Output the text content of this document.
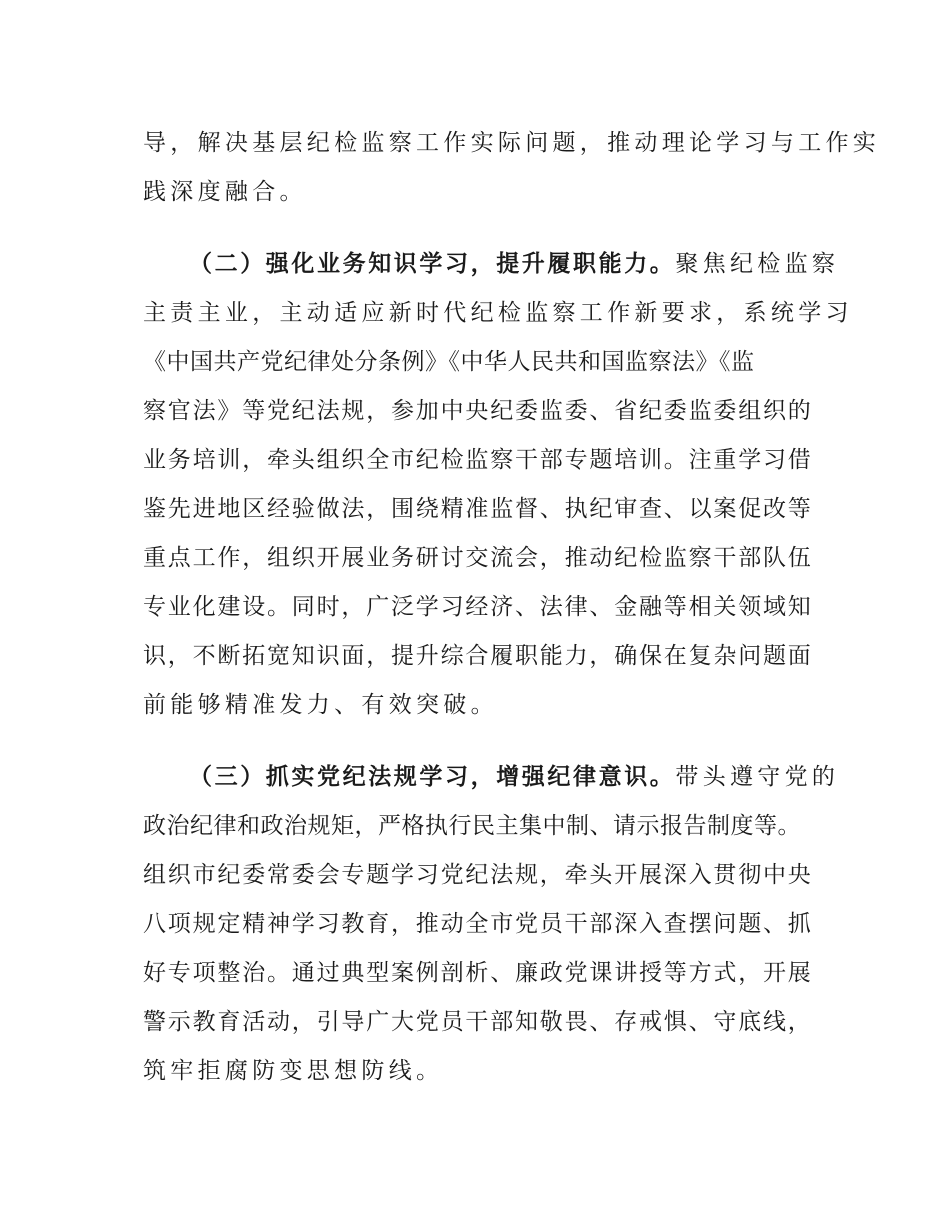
导，解决基层纪检监察工作实际问题，推动理论学习与工作实
践深度融合。
（二）强化业务知识学习，提升履职能力。聚焦纪检监察
主责主业，主动适应新时代纪检监察工作新要求，系统学习
《中国共产党纪律处分条例》《中华人民共和国监察法》《监
察官法》等党纪法规，参加中央纪委监委、省纪委监委组织的
业务培训，牵头组织全市纪检监察干部专题培训。注重学习借
鉴先进地区经验做法，围绕精准监督、执纪审查、以案促改等
重点工作，组织开展业务研讨交流会，推动纪检监察干部队伍
专业化建设。同时，广泛学习经济、法律、金融等相关领域知
识，不断拓宽知识面，提升综合履职能力，确保在复杂问题面
前能够精准发力、有效突破。
（三）抓实党纪法规学习，增强纪律意识。带头遵守党的
政治纪律和政治规矩，严格执行民主集中制、请示报告制度等。
组织市纪委常委会专题学习党纪法规，牵头开展深入贯彻中央
八项规定精神学习教育，推动全市党员干部深入查摆问题、抓
好专项整治。通过典型案例剖析、廉政党课讲授等方式，开展
警示教育活动，引导广大党员干部知敬畏、存戒惧、守底线，
筑牢拒腐防变思想防线。
